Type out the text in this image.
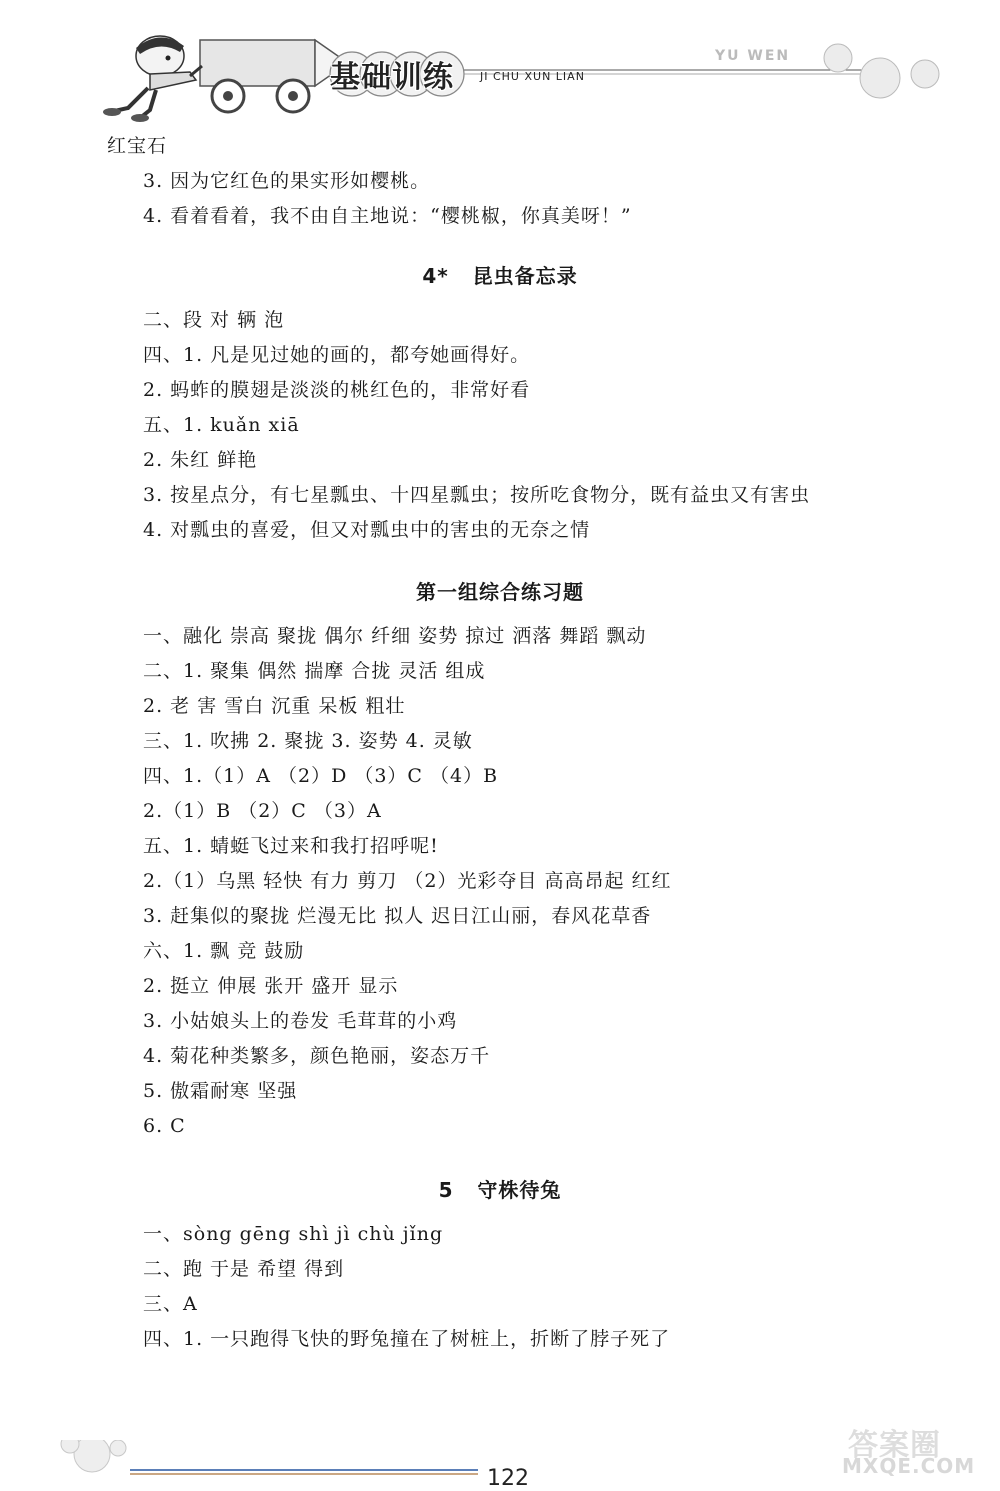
基础训练 JI CHU XUN LIAN
YU WEN
红宝石
3. 因为它红色的果实形如樱桃。
4. 看着看着，我不由自主地说：“樱桃椒，你真美呀！”
4*   昆虫备忘录
二、段 对 辆 泡
四、1. 凡是见过她的画的，都夸她画得好。
2. 蚂蚱的膜翅是淡淡的桃红色的，非常好看
五、1. kuǎn xiā
2. 朱红 鲜艳
3. 按星点分，有七星瓢虫、十四星瓢虫；按所吃食物分，既有益虫又有害虫
4. 对瓢虫的喜爱，但又对瓢虫中的害虫的无奈之情
第一组综合练习题
一、融化 崇高 聚拢 偶尔 纤细 姿势 掠过 洒落 舞蹈 飘动
二、1. 聚集 偶然 揣摩 合拢 灵活 组成
2. 老 害 雪白 沉重 呆板 粗壮
三、1. 吹拂 2. 聚拢 3. 姿势 4. 灵敏
四、1.（1）A （2）D （3）C （4）B
2.（1）B （2）C （3）A
五、1. 蜻蜓飞过来和我打招呼呢!
2.（1）乌黑 轻快 有力 剪刀 （2）光彩夺目 高高昂起 红红
3. 赶集似的聚拢 烂漫无比 拟人 迟日江山丽，春风花草香
六、1. 飘 竞 鼓励
2. 挺立 伸展 张开 盛开 显示
3. 小姑娘头上的卷发 毛茸茸的小鸡
4. 菊花种类繁多，颜色艳丽，姿态万千
5. 傲霜耐寒 坚强
6. C
5   守株待兔
一、sòng gēng shì jì chù jǐng
二、跑 于是 希望 得到
三、A
四、1. 一只跑得飞快的野兔撞在了树桩上，折断了脖子死了
122
答案圈
MXQE.COM
